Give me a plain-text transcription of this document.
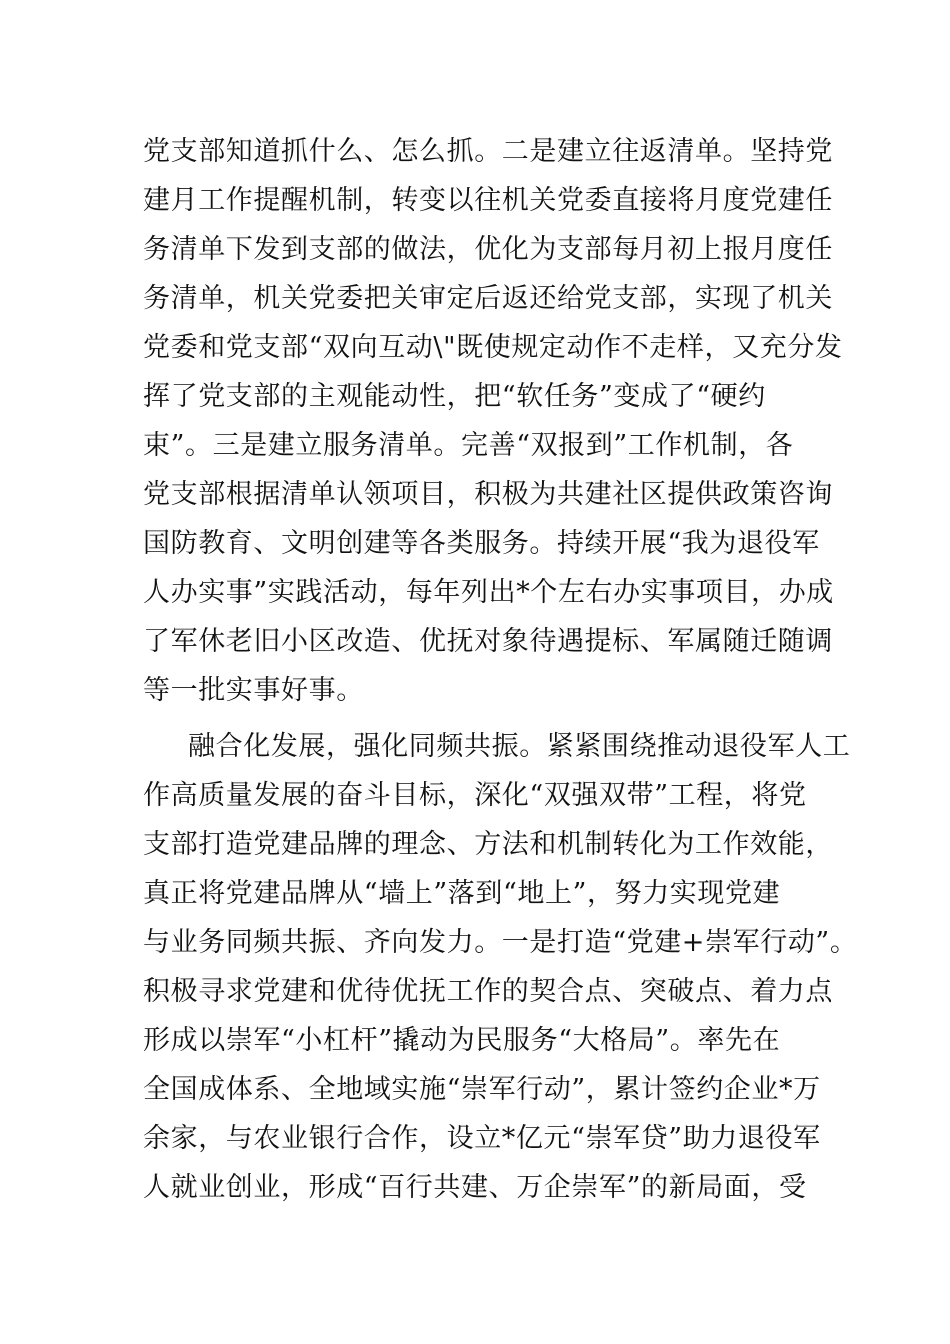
党支部知道抓什么、怎么抓。二是建立往返清单。坚持党
建月工作提醒机制，转变以往机关党委直接将月度党建任
务清单下发到支部的做法，优化为支部每月初上报月度任
务清单，机关党委把关审定后返还给党支部，实现了机关
党委和党支部“双向互动\"既使规定动作不走样，又充分发
挥了党支部的主观能动性，把“软任务”变成了“硬约
束”。三是建立服务清单。完善“双报到”工作机制，各
党支部根据清单认领项目，积极为共建社区提供政策咨询
国防教育、文明创建等各类服务。持续开展“我为退役军
人办实事”实践活动，每年列出*个左右办实事项目，办成
了军休老旧小区改造、优抚对象待遇提标、军属随迁随调
等一批实事好事。
融合化发展，强化同频共振。紧紧围绕推动退役军人工
作高质量发展的奋斗目标，深化“双强双带”工程，将党
支部打造党建品牌的理念、方法和机制转化为工作效能，
真正将党建品牌从“墙上”落到“地上”，努力实现党建
与业务同频共振、齐向发力。一是打造“党建+崇军行动”。
积极寻求党建和优待优抚工作的契合点、突破点、着力点
形成以崇军“小杠杆”撬动为民服务“大格局”。率先在
全国成体系、全地域实施“崇军行动”，累计签约企业*万
余家，与农业银行合作，设立*亿元“崇军贷”助力退役军
人就业创业，形成“百行共建、万企崇军”的新局面，受
